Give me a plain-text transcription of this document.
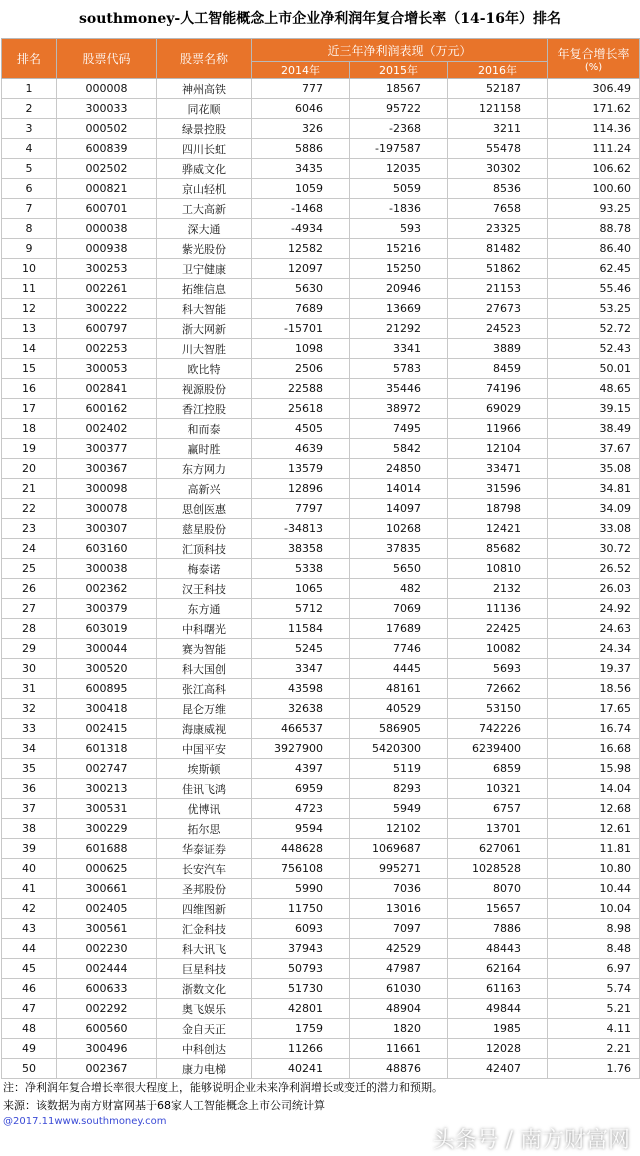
southmoney-人工智能概念上市企业净利润年复合增长率（14-16年）排名
排名	股票代码	股票名称	近三年净利润表现（万元）			年复合增长率
(%)

			2014年	2015年	2016年	
1	000008	神州高铁	777	18567	52187	306.49
2	300033	同花顺	6046	95722	121158	171.62
3	000502	绿景控股	326	-2368	3211	114.36
4	600839	四川长虹	5886	-197587	55478	111.24
5	002502	骅威文化	3435	12035	30302	106.62
6	000821	京山轻机	1059	5059	8536	100.60
7	600701	工大高新	-1468	-1836	7658	93.25
8	000038	深大通	-4934	593	23325	88.78
9	000938	紫光股份	12582	15216	81482	86.40
10	300253	卫宁健康	12097	15250	51862	62.45
11	002261	拓维信息	5630	20946	21153	55.46
12	300222	科大智能	7689	13669	27673	53.25
13	600797	浙大网新	-15701	21292	24523	52.72
14	002253	川大智胜	1098	3341	3889	52.43
15	300053	欧比特	2506	5783	8459	50.01
16	002841	视源股份	22588	35446	74196	48.65
17	600162	香江控股	25618	38972	69029	39.15
18	002402	和而泰	4505	7495	11966	38.49
19	300377	赢时胜	4639	5842	12104	37.67
20	300367	东方网力	13579	24850	33471	35.08
21	300098	高新兴	12896	14014	31596	34.81
22	300078	思创医惠	7797	14097	18798	34.09
23	300307	慈星股份	-34813	10268	12421	33.08
24	603160	汇顶科技	38358	37835	85682	30.72
25	300038	梅泰诺	5338	5650	10810	26.52
26	002362	汉王科技	1065	482	2132	26.03
27	300379	东方通	5712	7069	11136	24.92
28	603019	中科曙光	11584	17689	22425	24.63
29	300044	赛为智能	5245	7746	10082	24.34
30	300520	科大国创	3347	4445	5693	19.37
31	600895	张江高科	43598	48161	72662	18.56
32	300418	昆仑万维	32638	40529	53150	17.65
33	002415	海康威视	466537	586905	742226	16.74
34	601318	中国平安	3927900	5420300	6239400	16.68
35	002747	埃斯顿	4397	5119	6859	15.98
36	300213	佳讯飞鸿	6959	8293	10321	14.04
37	300531	优博讯	4723	5949	6757	12.68
38	300229	拓尔思	9594	12102	13701	12.61
39	601688	华泰证券	448628	1069687	627061	11.81
40	000625	长安汽车	756108	995271	1028528	10.80
41	300661	圣邦股份	5990	7036	8070	10.44
42	002405	四维图新	11750	13016	15657	10.04
43	300561	汇金科技	6093	7097	7886	8.98
44	002230	科大讯飞	37943	42529	48443	8.48
45	002444	巨星科技	50793	47987	62164	6.97
46	600633	浙数文化	51730	61030	61163	5.74
47	002292	奥飞娱乐	42801	48904	49844	5.21
48	600560	金自天正	1759	1820	1985	4.11
49	300496	中科创达	11266	11661	12028	2.21
50	002367	康力电梯	40241	48876	42407	1.76
注：净利润年复合增长率很大程度上，能够说明企业未来净利润增长或变迁的潜力和预期。
来源：该数据为南方财富网基于68家人工智能概念上市公司统计算
@2017.11www.southmoney.com
头条号 / 南方财富网
